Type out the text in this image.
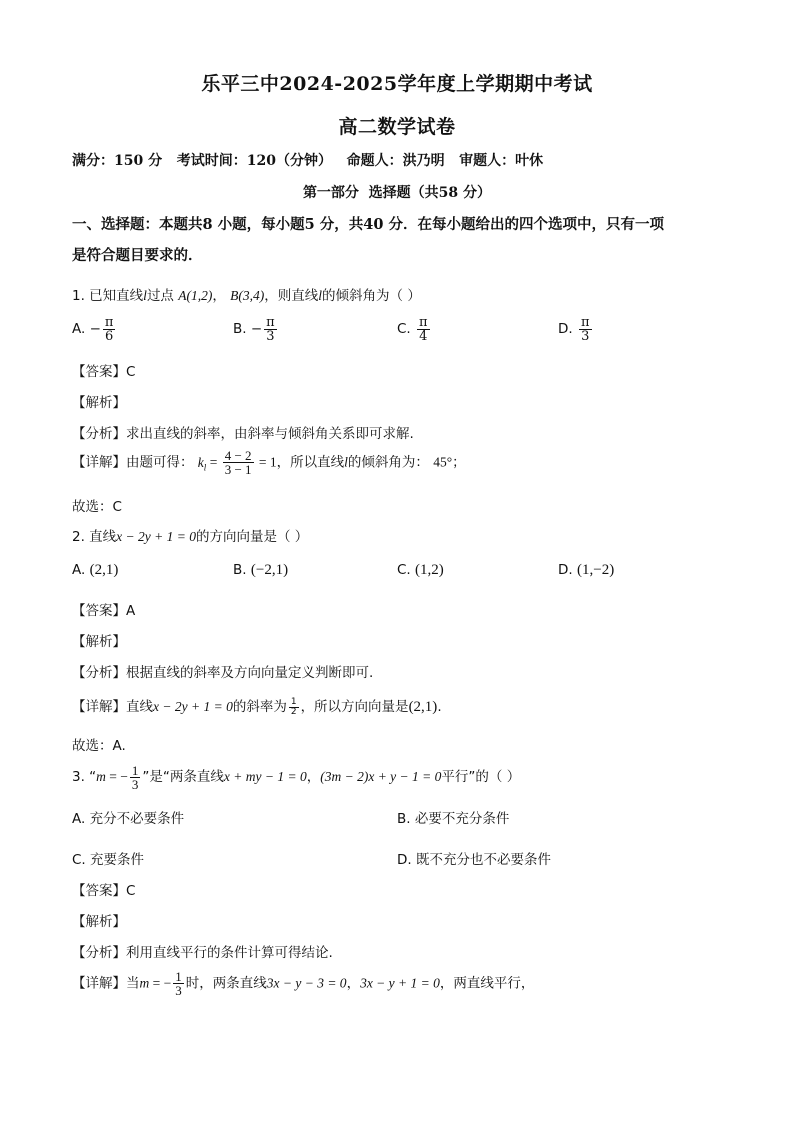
乐平三中2024-2025学年度上学期期中考试
高二数学试卷
满分：150 分   考试时间：120（分钟）   命题人：洪乃明   审题人：叶休
第一部分  选择题（共58 分）
一、选择题：本题共8 小题，每小题5 分，共40 分．在每小题给出的四个选项中，只有一项
是符合题目要求的．
1. 已知直线l过点 A(1,2)， B(3,4)，则直线l的倾斜角为（ ）
A. − $\frac{\pi}{6}$	B. − $\frac{\pi}{3}$	C. $\frac{\pi}{4}$	D. $\frac{\pi}{3}$
【答案】C
【解析】
【分析】求出直线的斜率，由斜率与倾斜角关系即可求解.
【详解】由题可得： $k_l = \frac{4 - 2}{3 - 1} = 1$，所以直线l的倾斜角为： 45°；
故选：C
2. 直线x − 2y + 1 = 0的方向向量是（ ）
A. (2,1)	B. (−2,1)	C. (1,2)	D. (1,−2)
【答案】A
【解析】
【分析】根据直线的斜率及方向向量定义判断即可.
【详解】直线x − 2y + 1 = 0的斜率为 $\frac{1}{2}$ ，所以方向向量是(2,1).
故选：A.
3. “m = − $\frac{1}{3}$ ”是“两条直线x + my − 1 = 0，(3m − 2)x + y − 1 = 0平行”的（ ）
A. 充分不必要条件	B. 必要不充分条件
C. 充要条件	D. 既不充分也不必要条件
【答案】C
【解析】
【分析】利用直线平行的条件计算可得结论.
【详解】当m = − $\frac{1}{3}$ 时，两条直线3x − y − 3 = 0，3x − y + 1 = 0，两直线平行，
